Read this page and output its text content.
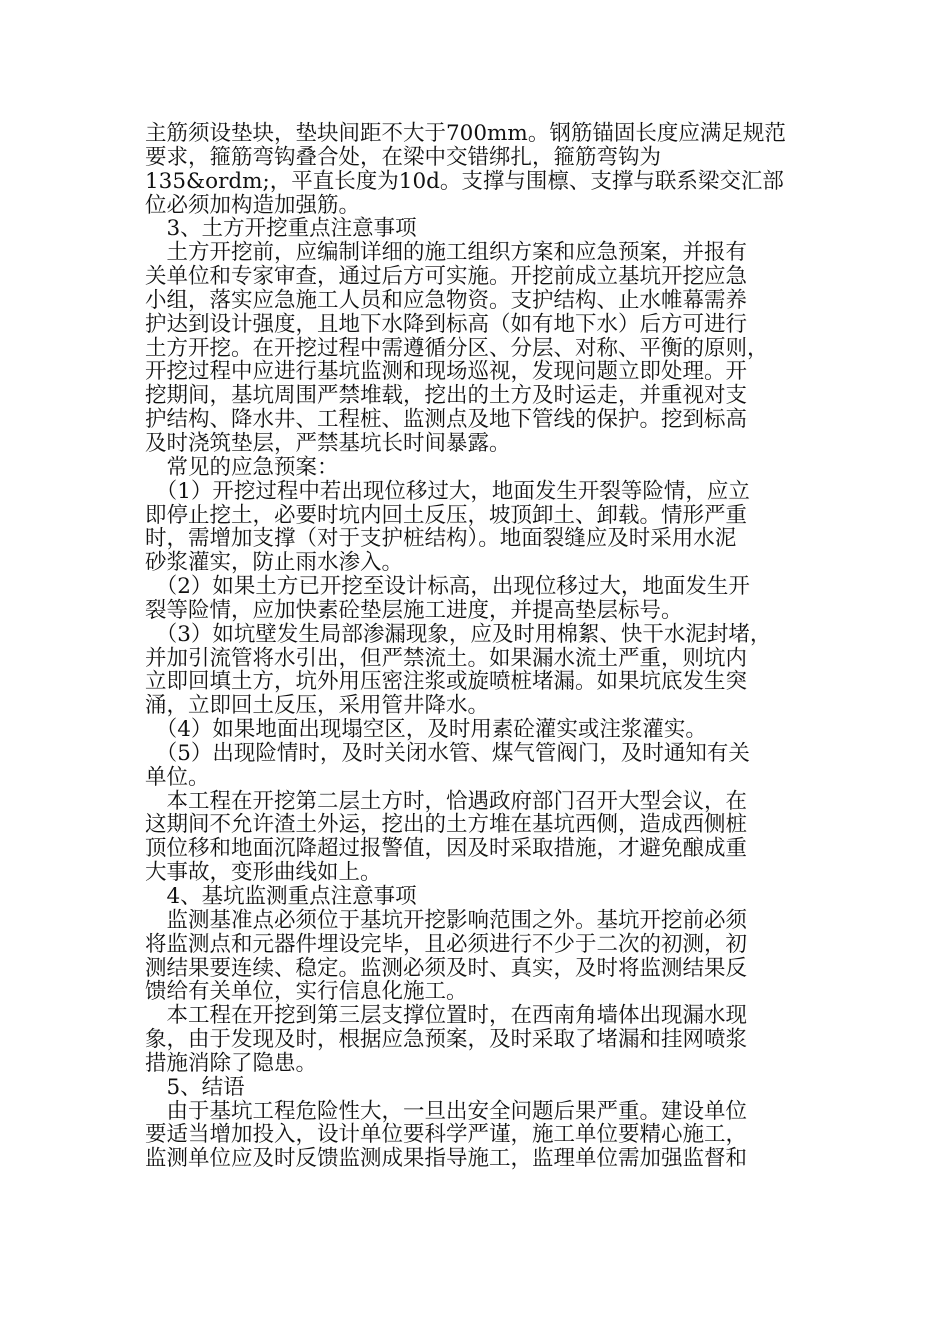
主筋须设垫块，垫块间距不大于700mm。钢筋锚固长度应满足规范
要求，箍筋弯钩叠合处，在梁中交错绑扎，箍筋弯钩为
135&ordm;，平直长度为10d。支撑与围檩、支撑与联系梁交汇部
位必须加构造加强筋。
　3、土方开挖重点注意事项
　土方开挖前，应编制详细的施工组织方案和应急预案，并报有
关单位和专家审查，通过后方可实施。开挖前成立基坑开挖应急
小组，落实应急施工人员和应急物资。支护结构、止水帷幕需养
护达到设计强度，且地下水降到标高（如有地下水）后方可进行
土方开挖。在开挖过程中需遵循分区、分层、对称、平衡的原则，
开挖过程中应进行基坑监测和现场巡视，发现问题立即处理。开
挖期间，基坑周围严禁堆载，挖出的土方及时运走，并重视对支
护结构、降水井、工程桩、监测点及地下管线的保护。挖到标高
及时浇筑垫层，严禁基坑长时间暴露。
　常见的应急预案：
　（1）开挖过程中若出现位移过大，地面发生开裂等险情，应立
即停止挖土，必要时坑内回土反压，坡顶卸土、卸载。情形严重
时，需增加支撑（对于支护桩结构）。地面裂缝应及时采用水泥
砂浆灌实，防止雨水渗入。
　（2）如果土方已开挖至设计标高，出现位移过大，地面发生开
裂等险情，应加快素砼垫层施工进度，并提高垫层标号。
　（3）如坑壁发生局部渗漏现象，应及时用棉絮、快干水泥封堵，
并加引流管将水引出，但严禁流土。如果漏水流土严重，则坑内
立即回填土方，坑外用压密注浆或旋喷桩堵漏。如果坑底发生突
涌，立即回土反压，采用管井降水。
　（4）如果地面出现塌空区，及时用素砼灌实或注浆灌实。
　（5）出现险情时，及时关闭水管、煤气管阀门，及时通知有关
单位。
　本工程在开挖第二层土方时，恰遇政府部门召开大型会议，在
这期间不允许渣土外运，挖出的土方堆在基坑西侧，造成西侧桩
顶位移和地面沉降超过报警值，因及时采取措施，才避免酿成重
大事故，变形曲线如上。
　4、基坑监测重点注意事项
　监测基准点必须位于基坑开挖影响范围之外。基坑开挖前必须
将监测点和元器件埋设完毕，且必须进行不少于二次的初测，初
测结果要连续、稳定。监测必须及时、真实，及时将监测结果反
馈给有关单位，实行信息化施工。
　本工程在开挖到第三层支撑位置时，在西南角墙体出现漏水现
象，由于发现及时，根据应急预案，及时采取了堵漏和挂网喷浆
措施消除了隐患。
　5、结语
　由于基坑工程危险性大，一旦出安全问题后果严重。建设单位
要适当增加投入，设计单位要科学严谨，施工单位要精心施工，
监测单位应及时反馈监测成果指导施工，监理单位需加强监督和
